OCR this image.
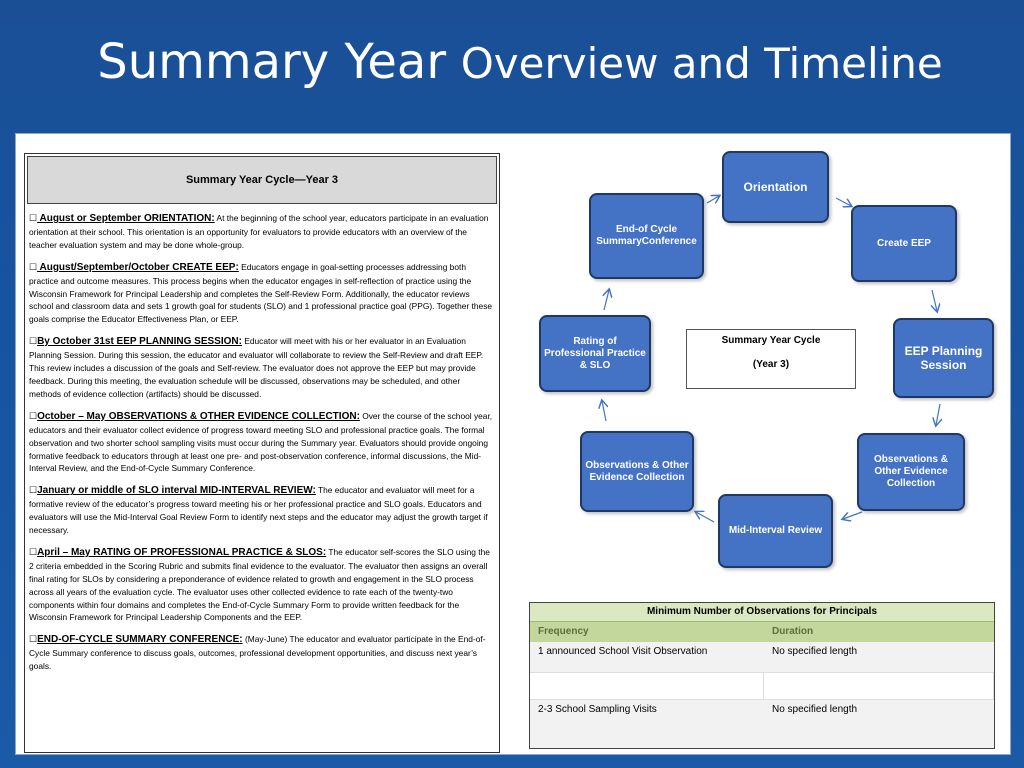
Summary Year Overview and Timeline
Summary Year Cycle—Year 3

☐ August or September ORIENTATION: At the beginning of the school year, educators participate in an evaluation orientation at their school. This orientation is an opportunity for evaluators to provide educators with an overview of the teacher evaluation system and may be done whole-group.

☐ August/September/October CREATE EEP: Educators engage in goal-setting processes addressing both practice and outcome measures. This process begins when the educator engages in self-reflection of practice using the Wisconsin Framework for Principal Leadership and completes the Self-Review Form. Additionally, the educator reviews school and classroom data and sets 1 growth goal for students (SLO) and 1 professional practice goal (PPG). Together these goals comprise the Educator Effectiveness Plan, or EEP.

☐By October 31st EEP PLANNING SESSION: Educator will meet with his or her evaluator in an Evaluation Planning Session. During this session, the educator and evaluator will collaborate to review the Self-Review and draft EEP. This review includes a discussion of the goals and Self-review. The evaluator does not approve the EEP but may provide feedback. During this meeting, the evaluation schedule will be discussed, observations may be scheduled, and other methods of evidence collection (artifacts) should be discussed.

☐October – May OBSERVATIONS & OTHER EVIDENCE COLLECTION: Over the course of the school year, educators and their evaluator collect evidence of progress toward meeting SLO and professional practice goals. The formal observation and two shorter school sampling visits must occur during the Summary year. Evaluators should provide ongoing formative feedback to educators through at least one pre- and post-observation conference, informal discussions, the Mid-Interval Review, and the End-of-Cycle Summary Conference.

☐January or middle of SLO interval MID-INTERVAL REVIEW: The educator and evaluator will meet for a formative review of the educator’s progress toward meeting his or her professional practice and SLO goals. Educators and evaluators will use the Mid-Interval Goal Review Form to identify next steps and the educator may adjust the growth target if necessary.

☐April – May RATING OF PROFESSIONAL PRACTICE & SLOS: The educator self-scores the SLO using the 2 criteria embedded in the Scoring Rubric and submits final evidence to the evaluator. The evaluator then assigns an overall final rating for SLOs by considering a preponderance of evidence related to growth and engagement in the SLO process across all years of the evaluation cycle. The evaluator uses other collected evidence to rate each of the twenty-two components within four domains and completes the End-of-Cycle Summary Form to provide written feedback for the Wisconsin Framework for Principal Leadership Components and the EEP.

☐END-OF-CYCLE SUMMARY CONFERENCE: (May-June) The educator and evaluator participate in the End-of-Cycle Summary conference to discuss goals, outcomes, professional development opportunities, and discuss next year’s goals.

Orientation
Create EEP
EEP Planning Session
Observations & Other Evidence Collection
Mid-Interval Review
Observations & Other Evidence Collection
Rating of Professional Practice & SLO
End-of Cycle SummaryConference
Summary Year Cycle
(Year 3)
Minimum Number of Observations for Principals
Frequency	Duration
1 announced School Visit Observation	No specified length
2-3 School Sampling Visits	No specified length
